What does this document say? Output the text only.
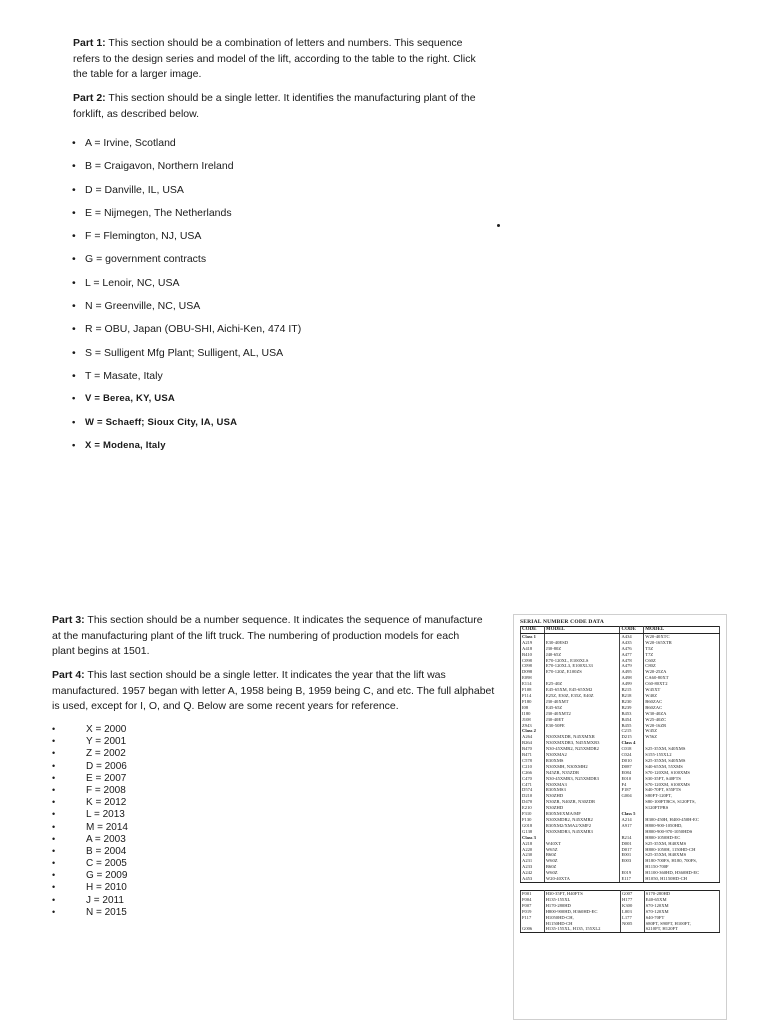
Part 1: This section should be a combination of letters and numbers. This sequence refers to the design series and model of the lift, according to the table to the right. Click the table for a larger image.

Part 2: This section should be a single letter. It identifies the manufacturing plant of the forklift, as described below.

• A = Irvine, Scotland
• B = Craigavon, Northern Ireland
• D = Danville, IL, USA
• E = Nijmegen, The Netherlands
• F = Flemington, NJ, USA
• G = government contracts
• L = Lenoir, NC, USA
• N = Greenville, NC, USA
• R = OBU, Japan (OBU-SHI, Aichi-Ken, 474 IT)
• S = Sulligent Mfg Plant; Sulligent, AL, USA
• T = Masate, Italy
• V = Berea, KY, USA
• W = Schaeff; Sioux City, IA, USA
• X = Modena, Italy

Part 3: This section should be a number sequence. It indicates the sequence of manufacture at the manufacturing plant of the lift truck. The numbering of production models for each plant begins at 1501.

Part 4: This last section should be a single letter. It indicates the year that the lift was manufactured. 1957 began with letter A, 1958 being B, 1959 being C, and etc. The full alphabet is used, except for I, O, and Q. Below are some recent years for reference.

•	X = 2000
•	Y = 2001
•	Z = 2002
•	D = 2006
•	E = 2007
•	F = 2008
•	K = 2012
•	L = 2013
•	M = 2014
•	A = 2003
•	B = 2004
•	C = 2005
•	G = 2009
•	H = 2010
•	J = 2011
•	N = 2015
SERIAL NUMBER CODE DATA
CODE	MODEL	CODE	MODEL
Class 1		A434	W20-40XTC
A219	E30-40ESD	A435	W20-165XTR
A418	J30-80Z	A476	T5Z
B410	J40-65Z	A477	T7Z
C098	E70-120XL, E100XLS	A478	C60Z
C098	E70-120XL3, E100XL33	A479	C80Z
D098	E70-120Z, E100ZS	A495	W20-25ZA
E098		A498	CA60-80XT
E114	E25-40Z	A499	C60-80XT2
F108	E45-65XM, E45-65XM2	B215	W45XT
F114	E25Z, E30Z, E35Z, E40Z	B218	W40Z
F180	J30-40XMT	B230	B60ZAC
I08	E45-65Z	B239	B60ZAC
I180	J30-40XMT2	B453	W30-40ZA
J108	J30-40ET	B454	W25-40ZC
Z943	E30-50FE	B455	W20-16ZR
Class 2		C215	W45Z
A264	N30XMXDR, N45XMXR	D215	W56Z
B264	N30XMXDR3, N45XMXR3	Class 4	
B470	N30-45XMR2, N25XMDR2	C018	S25-35XM, S40XMS
B471	N30XMA2	C024	S155-155XL2
C578	R30XMS	D010	S25-35XM, S40XMS
C210	N30XMH, N30XMH2	D087	S40-65XM, 55XMS
C266	N45ZR, N35ZDR	E084	S70-120XM, S100XMS
C470	N30-45XMR3, N25XMDR3	E010	S30-35FT, S40FTS
C471	N30XMA3	F4	S70-120XM, S100XMS
D574	R30XMS3	F187	S40-70FT, S55FTS
D210	N30ZHD	G004	S80FT-120FT,
D470	N30ZR, N40ZR, N30ZDR		S80-100FTBCS, S120FTS,
E210	N30ZHD		S120FTPRS
F310	R30XM/XMA/MF	Class 5	
F130	N30XMDR2, N45XMR2	A214	H300-450H, H400-450H-EC
G018	R30XM2/XMA2/XMF2	A917	H800-900-1050HD,
G138	N30XMDR3, N45XMR3		H800-900-970-1050HDS
Class 3		B214	H800-1050HD-EC
A218	W40XT	D001	S25-35XM, H40XMS
A220	W65Z	D017	H800-1050H, 1150HD-CH
A230	B60Z	E001	S25-35XM, H40XMS
A231	W60Z	E003	H180-700FS, H180, 700FS,
A233	B60Z		H1150-700F
A242	W60Z	E019	H1100-360HD, H360HD-EC
A453	W20-40XTA	E117	H1050, H1150HD-CH
F001	H30-35FT, H40FTS	G007	S170-280HD
F004	H135-155XL	H177	E40-65XM
F007	H170-280HD	K300	S70-120XM
F019	H800-900HD, H360HD-EC	L003	S70-120XM
F117	H1050HD-CH,	L177	S40-70FT
	H1150HD-CH	N005	S80FT, S90FT, H100FT,
G006	H135-155XL, H135, 155XL2		S210FT, H120FT
